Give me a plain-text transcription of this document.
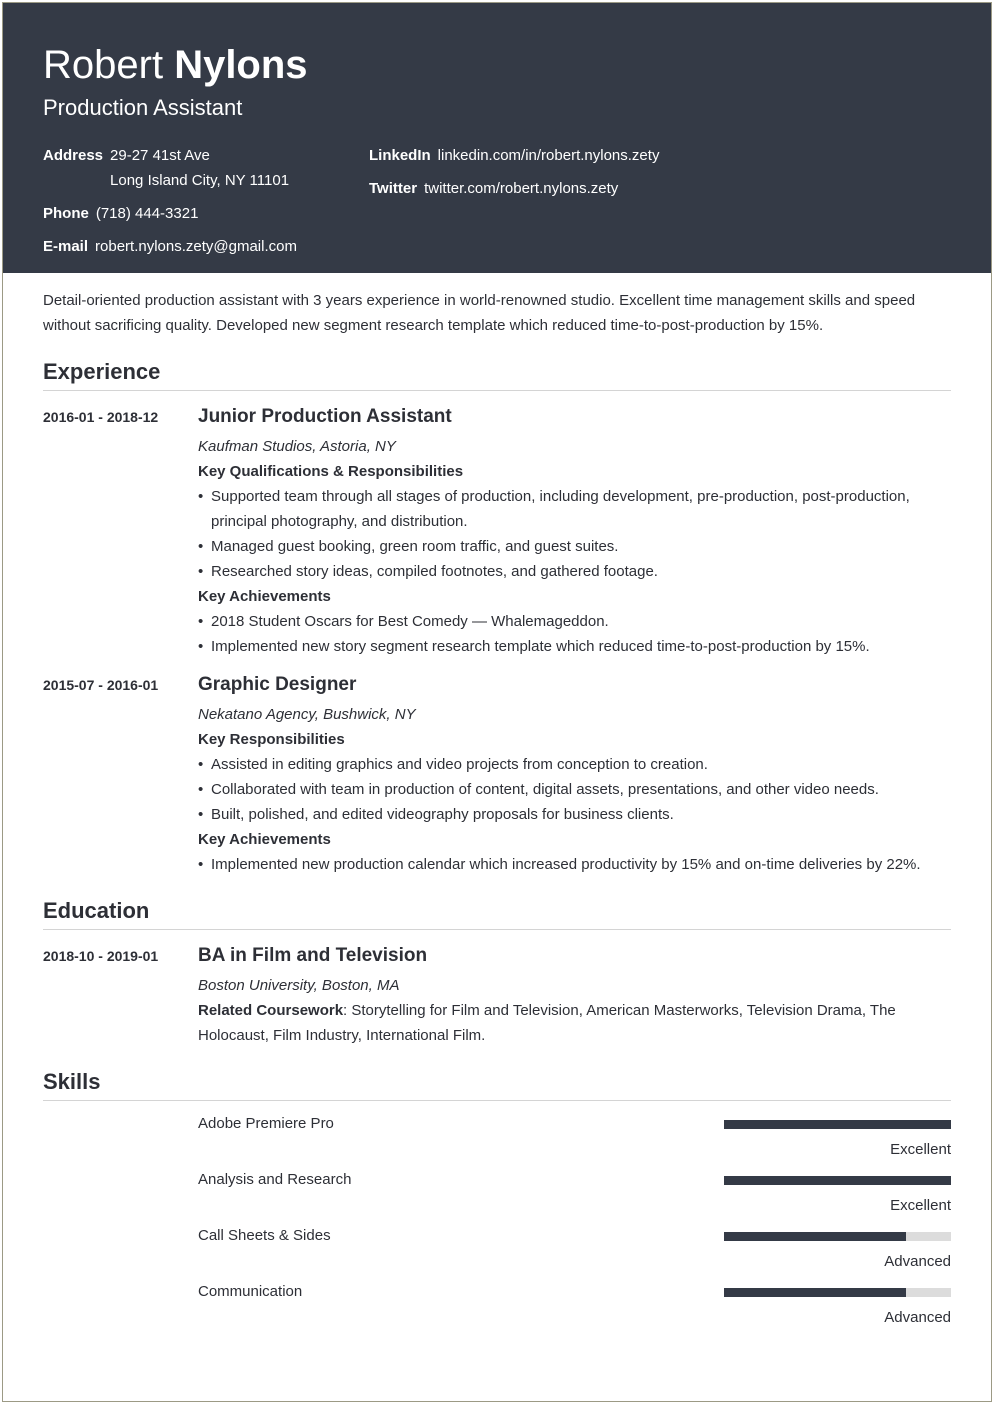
Robert Nylons
Production Assistant
Address 29-27 41st Ave
Long Island City, NY 11101
Phone (718) 444-3321
E-mail robert.nylons.zety@gmail.com
LinkedIn linkedin.com/in/robert.nylons.zety
Twitter twitter.com/robert.nylons.zety
Detail-oriented production assistant with 3 years experience in world-renowned studio. Excellent time management skills and speed without sacrificing quality. Developed new segment research template which reduced time-to-post-production by 15%.
Experience
2016-01 - 2018-12	Junior Production Assistant
Kaufman Studios, Astoria, NY
Key Qualifications & Responsibilities
• Supported team through all stages of production, including development, pre-production, post-production, principal photography, and distribution.
• Managed guest booking, green room traffic, and guest suites.
• Researched story ideas, compiled footnotes, and gathered footage.
Key Achievements
• 2018 Student Oscars for Best Comedy — Whalemageddon.
• Implemented new story segment research template which reduced time-to-post-production by 15%.
2015-07 - 2016-01	Graphic Designer
Nekatano Agency, Bushwick, NY
Key Responsibilities
• Assisted in editing graphics and video projects from conception to creation.
• Collaborated with team in production of content, digital assets, presentations, and other video needs.
• Built, polished, and edited videography proposals for business clients.
Key Achievements
• Implemented new production calendar which increased productivity by 15% and on-time deliveries by 22%.
Education
2018-10 - 2019-01	BA in Film and Television
Boston University, Boston, MA
Related Coursework: Storytelling for Film and Television, American Masterworks, Television Drama, The Holocaust, Film Industry, International Film.
Skills
Adobe Premiere Pro
Excellent
Analysis and Research
Excellent
Call Sheets & Sides
Advanced
Communication
Advanced
